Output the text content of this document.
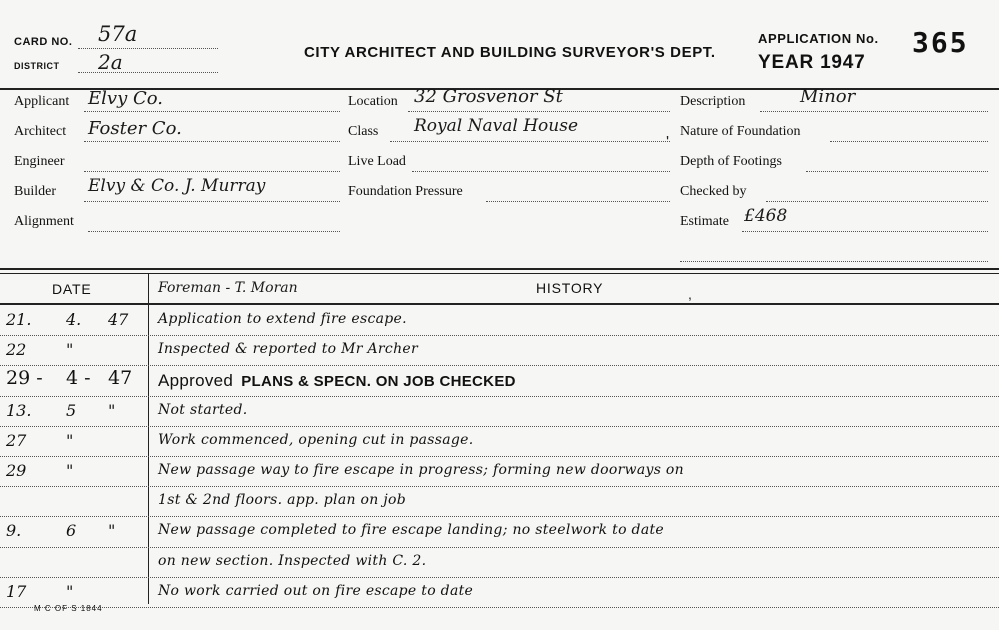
CARD NO. 57a
DISTRICT 2a	CITY ARCHITECT AND BUILDING SURVEYOR'S DEPT.
APPLICATION No. 365
YEAR 1947
Applicant Elvy Co.
Architect Foster Co.
Engineer
Builder Elvy & Co. J. Murray
Alignment
Location 32 Grosvenor St
Class Royal Naval House
Live Load
Foundation Pressure
Description	Minor
Nature of Foundation
Depth of Footings
Checked by
Estimate £468
'
DATE	Foreman - T. Moran	HISTORY	,
21. 4. 47 Application to extend fire escape.
22 "	Inspected & reported to Mr Archer
29 - 4 - 47 Approved PLANS & SPECN. ON JOB CHECKED
13. 5 "	Not started.
27 "	Work commenced, opening cut in passage.
29 "	New passage way to fire escape in progress; forming new doorways on
1st & 2nd floors. app. plan on job
9.	6 "	New passage completed to fire escape landing; no steelwork to date
on new section. Inspected with C. 2.
17 "	No work carried out on fire escape to date
M C OF S 1844
